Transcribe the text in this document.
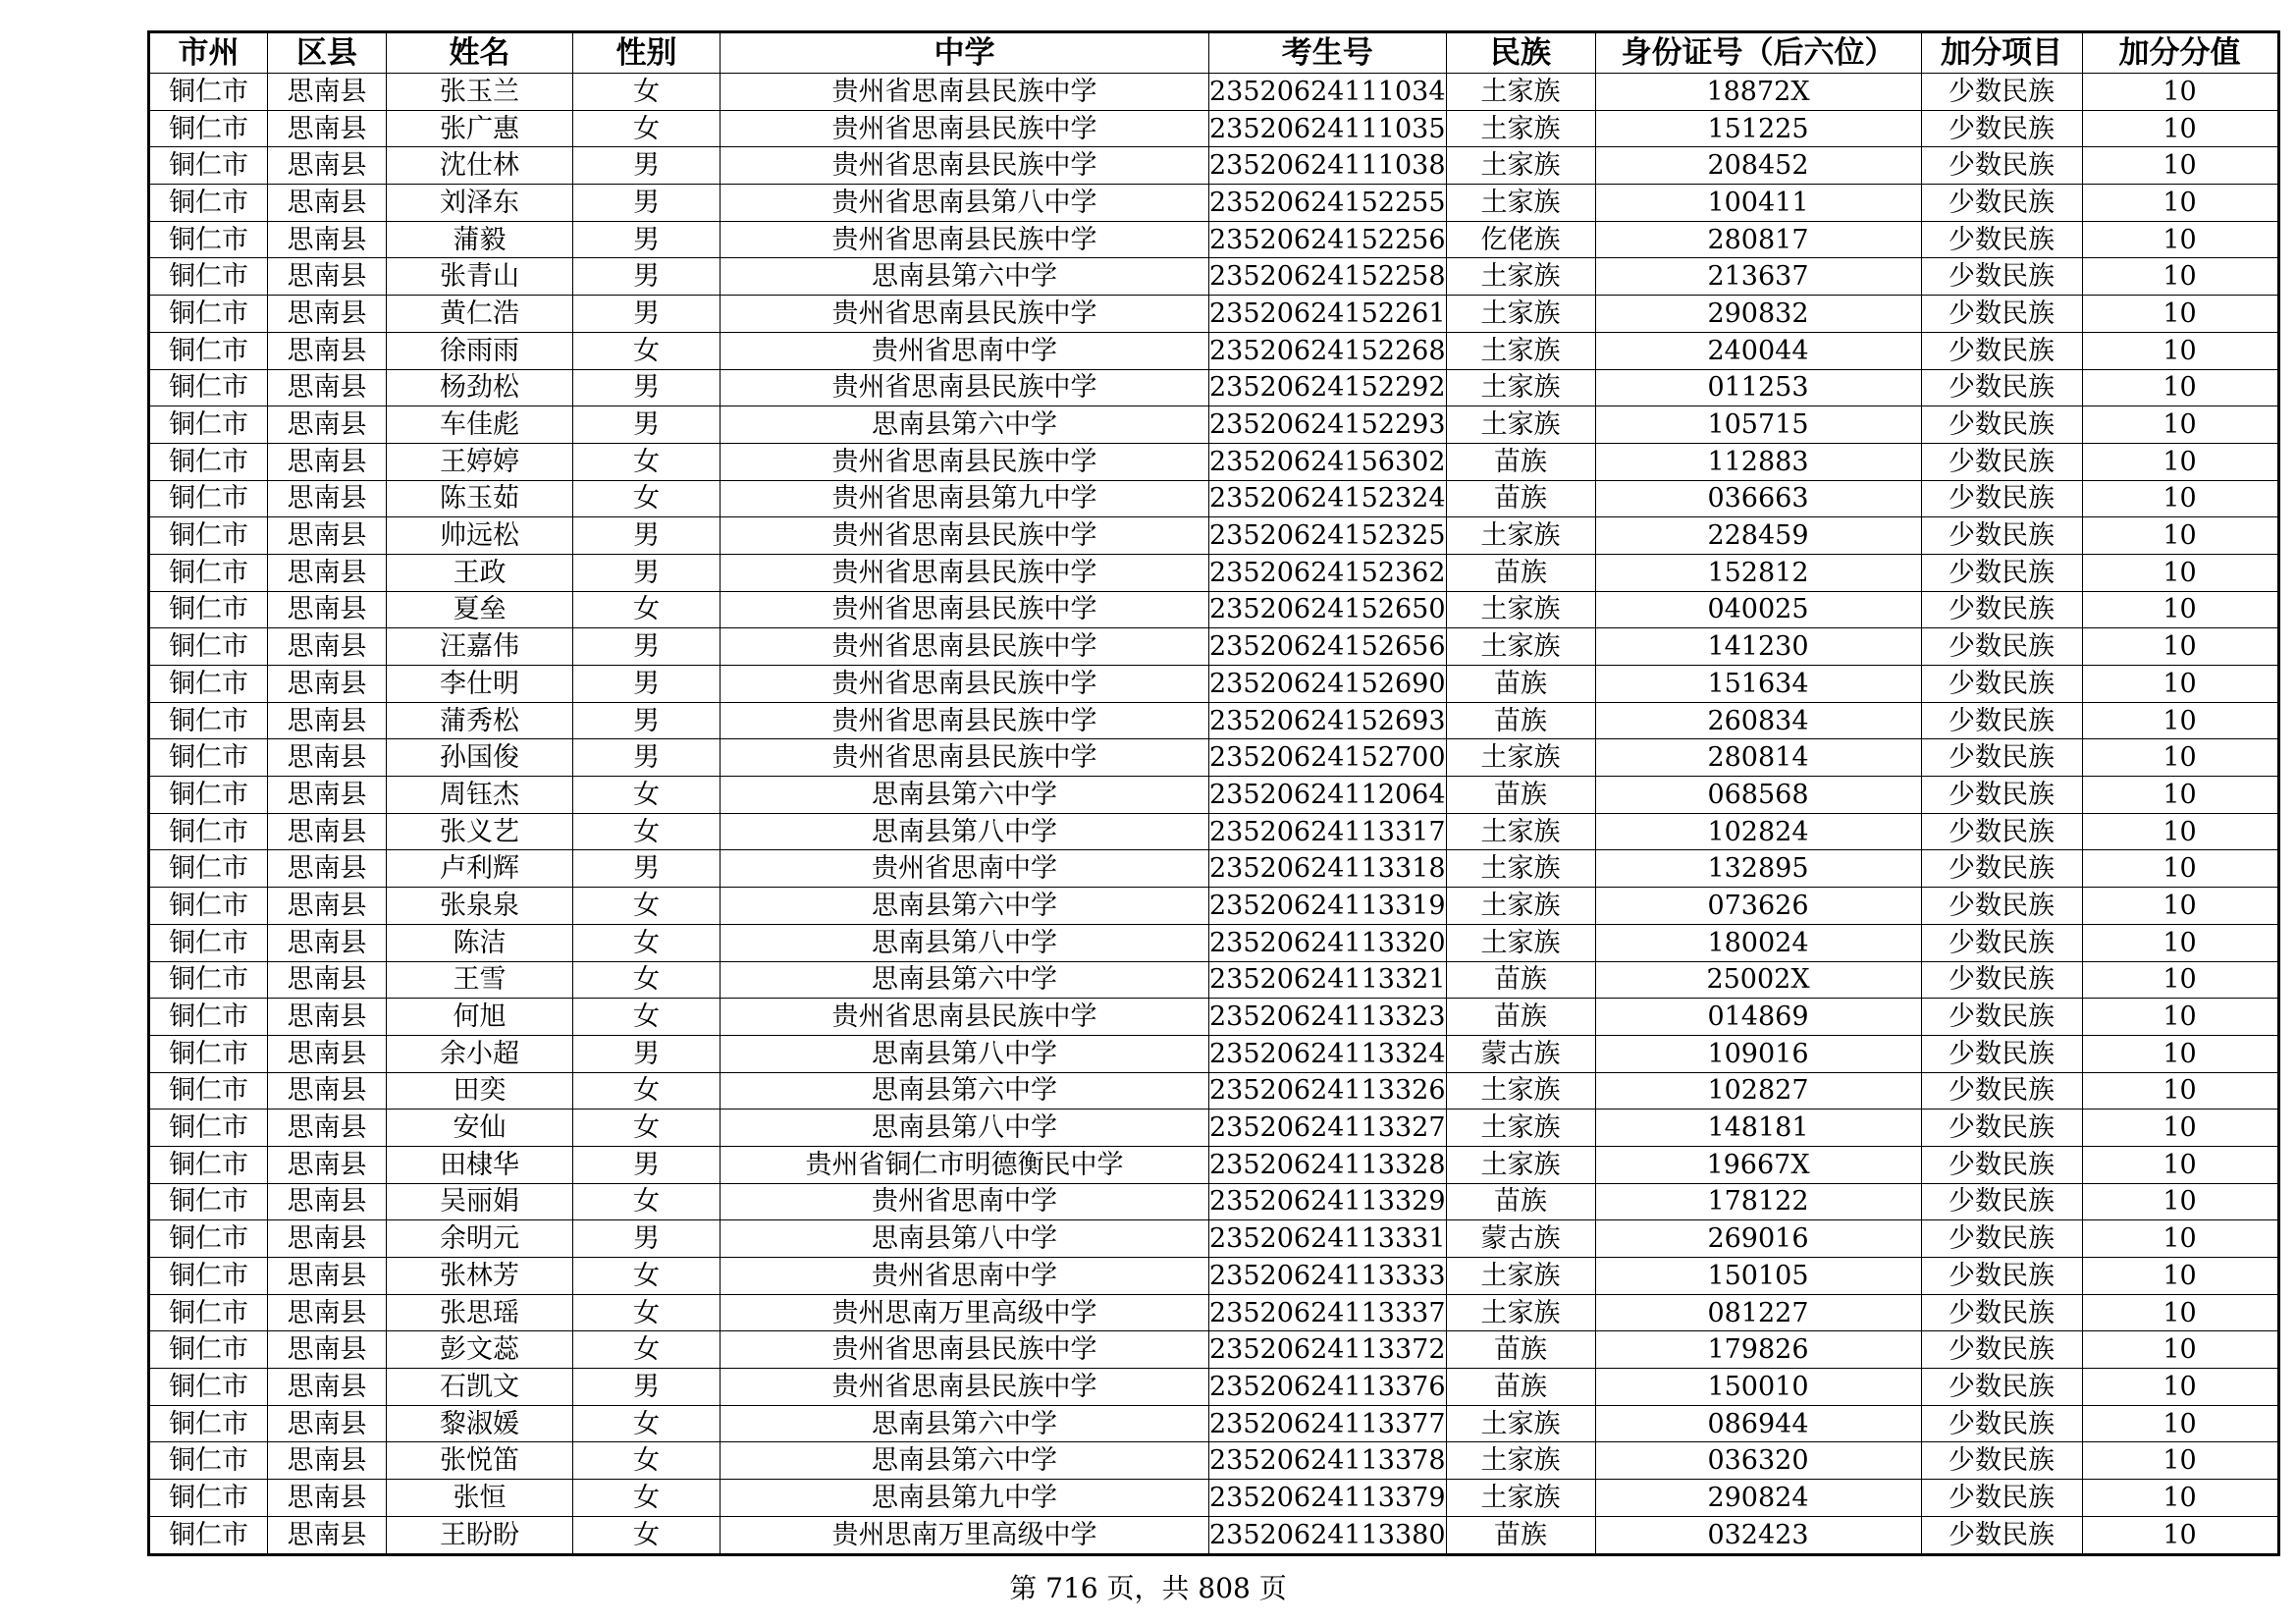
市州	区县	姓名	性别	中学	考生号	民族	身份证号（后六位）	加分项目	加分分值
铜仁市	思南县	张玉兰	女	贵州省思南县民族中学	23520624111034	土家族	18872X	少数民族	10
铜仁市	思南县	张广惠	女	贵州省思南县民族中学	23520624111035	土家族	151225	少数民族	10
铜仁市	思南县	沈仕林	男	贵州省思南县民族中学	23520624111038	土家族	208452	少数民族	10
铜仁市	思南县	刘泽东	男	贵州省思南县第八中学	23520624152255	土家族	100411	少数民族	10
铜仁市	思南县	蒲毅	男	贵州省思南县民族中学	23520624152256	仡佬族	280817	少数民族	10
铜仁市	思南县	张青山	男	思南县第六中学	23520624152258	土家族	213637	少数民族	10
铜仁市	思南县	黄仁浩	男	贵州省思南县民族中学	23520624152261	土家族	290832	少数民族	10
铜仁市	思南县	徐雨雨	女	贵州省思南中学	23520624152268	土家族	240044	少数民族	10
铜仁市	思南县	杨劲松	男	贵州省思南县民族中学	23520624152292	土家族	011253	少数民族	10
铜仁市	思南县	车佳彪	男	思南县第六中学	23520624152293	土家族	105715	少数民族	10
铜仁市	思南县	王婷婷	女	贵州省思南县民族中学	23520624156302	苗族	112883	少数民族	10
铜仁市	思南县	陈玉茹	女	贵州省思南县第九中学	23520624152324	苗族	036663	少数民族	10
铜仁市	思南县	帅远松	男	贵州省思南县民族中学	23520624152325	土家族	228459	少数民族	10
铜仁市	思南县	王政	男	贵州省思南县民族中学	23520624152362	苗族	152812	少数民族	10
铜仁市	思南县	夏垒	女	贵州省思南县民族中学	23520624152650	土家族	040025	少数民族	10
铜仁市	思南县	汪嘉伟	男	贵州省思南县民族中学	23520624152656	土家族	141230	少数民族	10
铜仁市	思南县	李仕明	男	贵州省思南县民族中学	23520624152690	苗族	151634	少数民族	10
铜仁市	思南县	蒲秀松	男	贵州省思南县民族中学	23520624152693	苗族	260834	少数民族	10
铜仁市	思南县	孙国俊	男	贵州省思南县民族中学	23520624152700	土家族	280814	少数民族	10
铜仁市	思南县	周钰杰	女	思南县第六中学	23520624112064	苗族	068568	少数民族	10
铜仁市	思南县	张义艺	女	思南县第八中学	23520624113317	土家族	102824	少数民族	10
铜仁市	思南县	卢利辉	男	贵州省思南中学	23520624113318	土家族	132895	少数民族	10
铜仁市	思南县	张泉泉	女	思南县第六中学	23520624113319	土家族	073626	少数民族	10
铜仁市	思南县	陈洁	女	思南县第八中学	23520624113320	土家族	180024	少数民族	10
铜仁市	思南县	王雪	女	思南县第六中学	23520624113321	苗族	25002X	少数民族	10
铜仁市	思南县	何旭	女	贵州省思南县民族中学	23520624113323	苗族	014869	少数民族	10
铜仁市	思南县	余小超	男	思南县第八中学	23520624113324	蒙古族	109016	少数民族	10
铜仁市	思南县	田奕	女	思南县第六中学	23520624113326	土家族	102827	少数民族	10
铜仁市	思南县	安仙	女	思南县第八中学	23520624113327	土家族	148181	少数民族	10
铜仁市	思南县	田棣华	男	贵州省铜仁市明德衡民中学	23520624113328	土家族	19667X	少数民族	10
铜仁市	思南县	吴丽娟	女	贵州省思南中学	23520624113329	苗族	178122	少数民族	10
铜仁市	思南县	余明元	男	思南县第八中学	23520624113331	蒙古族	269016	少数民族	10
铜仁市	思南县	张林芳	女	贵州省思南中学	23520624113333	土家族	150105	少数民族	10
铜仁市	思南县	张思瑶	女	贵州思南万里高级中学	23520624113337	土家族	081227	少数民族	10
铜仁市	思南县	彭文蕊	女	贵州省思南县民族中学	23520624113372	苗族	179826	少数民族	10
铜仁市	思南县	石凯文	男	贵州省思南县民族中学	23520624113376	苗族	150010	少数民族	10
铜仁市	思南县	黎淑媛	女	思南县第六中学	23520624113377	土家族	086944	少数民族	10
铜仁市	思南县	张悦笛	女	思南县第六中学	23520624113378	土家族	036320	少数民族	10
铜仁市	思南县	张恒	女	思南县第九中学	23520624113379	土家族	290824	少数民族	10
铜仁市	思南县	王盼盼	女	贵州思南万里高级中学	23520624113380	苗族	032423	少数民族	10
第 716 页，共 808 页
